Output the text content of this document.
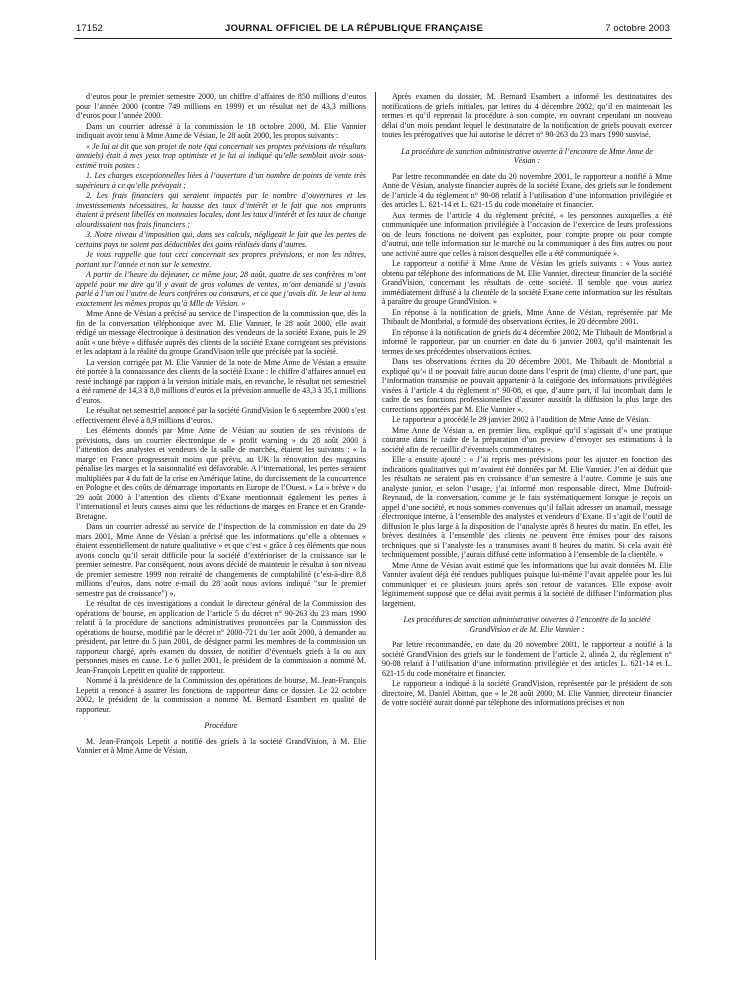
17152	JOURNAL OFFICIEL DE LA RÉPUBLIQUE FRANÇAISE	7 octobre 2003

d’euros pour le premier semestre 2000, un chiffre d’affaires de 850 millions d’euros pour l’année 2000 (contre 749 millions en 1999) et un résultat net de 43,3 millions d’euros pour l’année 2000.

Dans un courrier adressé à la commission le 18 octobre 2000, M. Elie Vannier indiquait avoir tenu à Mme Anne de Vésian, le 28 août 2000, les propos suivants :

« Je lui ai dit que son projet de note (qui concernait ses propres prévisions de résultats annuels) était à mes yeux trop optimiste et je lui ai indiqué qu’elle semblait avoir sous-estimé trois postes :

1. Les charges exceptionnelles liées à l’ouverture d’un nombre de points de vente très supérieurs à ce qu’elle prévoyait ;

2. Les frais financiers qui seraient impactés par le nombre d’ouvertures et les investissements nécessaires, la hausse des taux d’intérêt et le fait que nos emprunts étaient à présent libellés en monnaies locales, dont les taux d’intérêt et les taux de change alourdissaient nos frais financiers ;

3. Notre niveau d’imposition qui, dans ses calculs, négligeait le fait que les pertes de certains pays ne soient pas déductibles des gains réalisés dans d’autres.

Je vous rappelle que tout ceci concernait ses propres prévisions, et non les nôtres, portant sur l’année et non sur le semestre.

A partir de l’heure du déjeuner, ce même jour, 28 août, quatre de ses confrères m’ont appelé pour me dire qu’il y avait de gros volumes de ventes, m’ont demandé si j’avais parlé à l’un ou l’autre de leurs confrères ou consœurs, et ce que j’avais dit. Je leur ai tenu exactement les mêmes propos qu’à Mlle de Vésian. »

Mme Anne de Vésian a précisé au service de l’inspection de la commission que, dès la fin de la conversation téléphonique avec M. Elie Vannier, le 28 août 2000, elle avait rédigé un message électronique à destination des vendeurs de la société Exane, puis le 29 août « une brève » diffusée auprès des clients de la société Exane corrigeant ses prévisions et les adaptant à la réalité du groupe GrandVision telle que précisée par la société.

La version corrigée par M. Elie Vannier de la note de Mme Anne de Vésian a ensuite été portée à la connaissance des clients de la société Exane : le chiffre d’affaires annuel est resté inchangé par rapport à la version initiale mais, en revanche, le résultat net semestriel a été ramené de 14,3 à 8,8 millions d’euros et la prévision annuelle de 43,3 à 35,1 millions d’euros.

Le résultat net semestriel annoncé par la société GrandVision le 6 septembre 2000 s’est effectivement élevé à 8,9 millions d’euros.

Les éléments donnés par Mme Anne de Vésian au soutien de ses révisions de prévisions, dans un courrier électronique de « profit warning » du 28 août 2000 à l’attention des analystes et vendeurs de la salle de marchés, étaient les suivants : « la marge en France progresserait moins que prévu, au UK la rénovation des magasins pénalise les marges et la saisonnalité est défavorable. A l’international, les pertes seraient multipliées par 4 du fait de la crise en Amérique latine, du durcissement de la concurrence en Pologne et des coûts de démarrage importants en Europe de l’Ouest. » La « brève » du 29 août 2000 à l’attention des clients d’Exane mentionnait également les pertes à l’international et leurs causes ainsi que les réductions de marges en France et en Grande-Bretagne.

Dans un courrier adressé au service de l’inspection de la commission en date du 29 mars 2001, Mme Anne de Vésian a précisé que les informations qu’elle a obtenues « étaient essentiellement de nature qualitative » et que c’est « grâce à ces éléments que nous avons conclu qu’il serait difficile pour la société d’extérioriser de la croissance sur le premier semestre. Par conséquent, nous avons décidé de maintenir le résultat à son niveau de premier semestre 1999 non retraité de changements de comptabilité (c’est-à-dire 8,8 millions d’euros, dans notre e-mail du 28 août nous avions indiqué "sur le premier semestre pas de croissance") ».

Le résultat de ces investigations a conduit le directeur général de la Commission des opérations de bourse, en application de l’article 5 du décret n° 90-263 du 23 mars 1990 relatif à la procédure de sanctions administratives prononcées par la Commission des opérations de bourse, modifié par le décret n° 2000-721 du 1er août 2000, à demander au président, par lettre du 5 juin 2001, de désigner parmi les membres de la commission un rapporteur chargé, après examen du dossier, de notifier d’éventuels griefs à la ou aux personnes mises en cause. Le 6 juillet 2001, le président de la commission a nommé M. Jean-François Lepetit en qualité de rapporteur.

Nommé à la présidence de la Commission des opérations de bourse, M. Jean-François Lepetit a renoncé à assurer les fonctions de rapporteur dans ce dossier. Le 22 octobre 2002, le président de la commission a nommé M. Bernard Esambert en qualité de rapporteur.

Procédure

M. Jean-François Lepetit a notifié des griefs à la société GrandVision, à M. Elie Vannier et à Mme Anne de Vésian.

Après examen du dossier, M. Bernard Esambert a informé les destinataires des notifications de griefs initiales, par lettres du 4 décembre 2002, qu’il en maintenait les termes et qu’il reprenait la procédure à son compte, en ouvrant cependant un nouveau délai d’un mois pendant lequel le destinataire de la notification de griefs pouvait exercer toutes les prérogatives que lui autorise le décret n° 90-263 du 23 mars 1990 susvisé.

La procédure de sanction administrative ouverte à l’encontre de Mme Anne de Vésian :

Par lettre recommandée en date du 20 novembre 2001, le rapporteur a notifié à Mme Anne de Vésian, analyste financier auprès de la société Exane, des griefs sur le fondement de l’article 4 du règlement n° 90-08 relatif à l’utilisation d’une information privilégiée et des articles L. 621-14 et L. 621-15 du code monétaire et financier.

Aux termes de l’article 4 du règlement précité, « les personnes auxquelles a été communiquée une information privilégiée à l’occasion de l’exercice de leurs professions ou de leurs fonctions ne doivent pas exploiter, pour compte propre ou pour compte d’autrui, une telle information sur le marché ou la communiquer à des fins autres ou pour une activité autre que celles à raison desquelles elle a été communiquée ».

Le rapporteur a notifié à Mme Anne de Vésian les griefs suivants : « Vous auriez obtenu par téléphone des informations de M. Elie Vannier, directeur financier de la société GrandVision, concernant les résultats de cette société. Il semble que vous auriez immédiatement diffusé à la clientèle de la société Exane cette information sur les résultats à paraître du groupe GrandVision. »

En réponse à la notification de griefs, Mme Anne de Vésian, représentée par Me Thibault de Montbrial, a formulé des observations écrites, le 20 décembre 2001.

En réponse à la notification de griefs du 4 décembre 2002, Me Thibault de Montbrial a informé le rapporteur, par un courrier en date du 6 janvier 2003, qu’il maintenait les termes de ses précédentes observations écrites.

Dans ses observations écrites du 20 décembre 2001, Me Thibault de Montbrial a expliqué qu’« il ne pouvait faire aucun doute dans l’esprit de (ma) cliente, d’une part, que l’information transmise ne pouvait appartenir à la catégorie des informations privilégiées visées à l’article 4 du règlement n° 90-08, et que, d’autre part, il lui incombait dans le cadre de ses fonctions professionnelles d’assurer aussitôt la diffusion la plus large des corrections apportées par M. Elie Vannier ».

Le rapporteur a procédé le 29 janvier 2002 à l’audition de Mme Anne de Vésian.

Mme Anne de Vésian a, en premier lieu, expliqué qu’il s’agissait d’« une pratique courante dans le cadre de la préparation d’un preview d’envoyer ses estimations à la société afin de recueillir d’éventuels commentaires ».

Elle a ensuite ajouté : « J’ai repris mes prévisions pour les ajuster en fonction des indications qualitatives qui m’avaient été données par M. Elie Vannier. J’en ai déduit que les résultats ne seraient pas en croissance d’un semestre à l’autre. Comme je suis une analyste junior, et selon l’usage, j’ai informé mon responsable direct, Mme Dufroid-Reynaud, de la conversation, comme je le fais systématiquement lorsque je reçois un appel d’une société, et nous sommes convenues qu’il fallait adresser un anamail, message électronique interne, à l’ensemble des analystes et vendeurs d’Exane. Il s’agit de l’outil de diffusion le plus large à la disposition de l’analyste après 8 heures du matin. En effet, les brèves destinées à l’ensemble des clients ne peuvent être émises pour des raisons techniques que si l’analyste les a transmises avant 8 heures du matin. Si cela avait été techniquement possible, j’aurais diffusé cette information à l’ensemble de la clientèle. »

Mme Anne de Vésian avait estimé que les informations que lui avait données M. Elie Vannier avaient déjà été rendues publiques puisque lui-même l’avait appelée pour les lui communiquer et ce plusieurs jours après son retour de vacances. Elle expose avoir légitimement supposé que ce délai avait permis à la société de diffuser l’information plus largement.

Les procédures de sanction administrative ouvertes à l’encontre de la société GrandVision et de M. Elie Vannier :

Par lettre recommandée, en date du 20 novembre 2001, le rapporteur a notifié à la société GrandVision des griefs sur le fondement de l’article 2, alinéa 2, du règlement n° 90-08 relatif à l’utilisation d’une information privilégiée et des articles L. 621-14 et L. 621-15 du code monétaire et financier.

Le rapporteur a indiqué à la société GrandVision, représentée par le président de son directoire, M. Daniel Abittan, que « le 28 août 2000, M. Elie Vannier, directeur financier de votre société aurait donné par téléphone des informations précises et non
